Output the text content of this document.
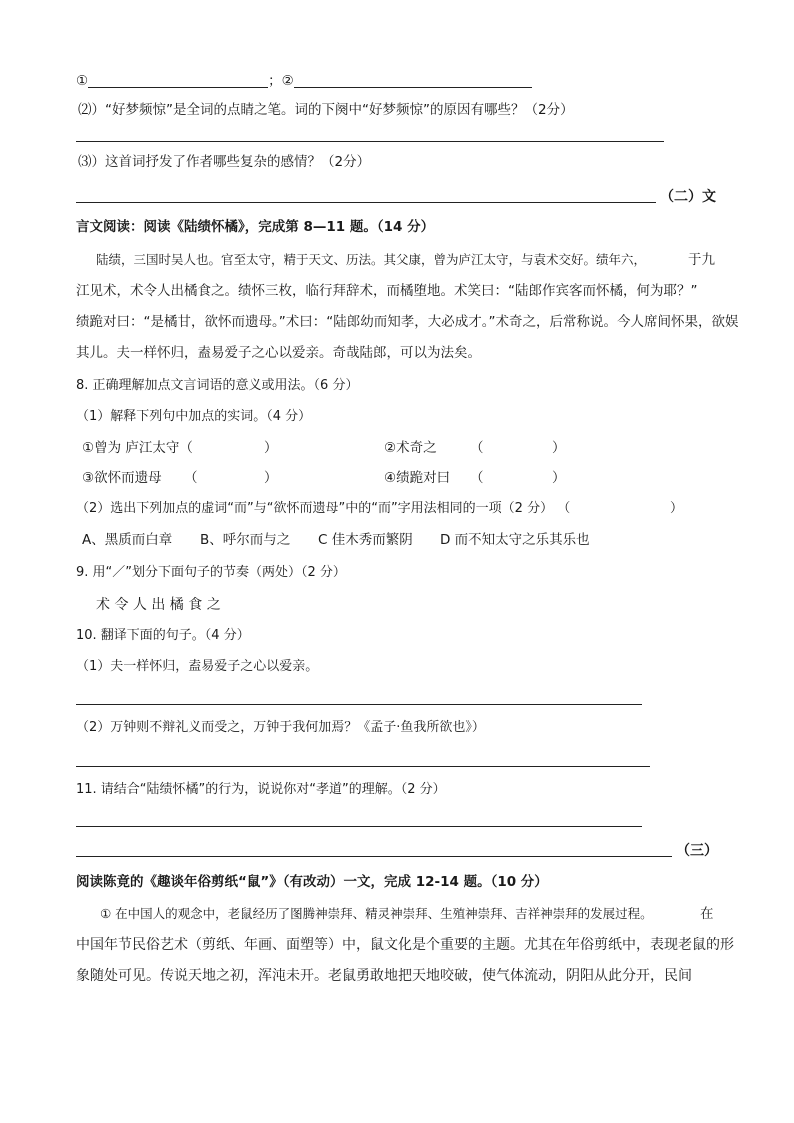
①	；②
⑵）“好梦频惊”是全词的点睛之笔。词的下阕中“好梦频惊”的原因有哪些？（2分）
⑶）这首词抒发了作者哪些复杂的感情？（2分）
（二）文
言文阅读：阅读《陆绩怀橘》，完成第 8—11 题。（14 分）
陆绩，三国时吴人也。官至太守，精于天文、历法。其父康，曾为庐江太守，与袁术交好。绩年六，	于九
江见术，术令人出橘食之。绩怀三枚，临行拜辞术，而橘堕地。术笑曰：“陆郎作宾客而怀橘，何为耶？”
绩跪对曰：“是橘甘，欲怀而遗母。”术曰：“陆郎幼而知孝，大必成才。”术奇之，后常称说。今人席间怀果，欲娱
其儿。夫一样怀归，盍易爱子之心以爱亲。奇哉陆郎，可以为法矣。
8. 正确理解加点文言词语的意义或用法。（6 分）
（1）解释下列句中加点的实词。（4 分）
①曾为 庐江太守（	）	②术奇之 （	）
③欲怀而遗母 （	）	④绩跪对曰 （	）
（2）选出下列加点的虚词“而”与“欲怀而遗母”中的“而”字用法相同的一项（2 分） （	）
A、黑质而白章 B、呼尔而与之 C 佳木秀而繁阴 D 而不知太守之乐其乐也
9. 用“／”划分下面句子的节奏（两处）（2 分）
术 令 人 出 橘 食 之
10. 翻译下面的句子。（4 分）
（1）夫一样怀归，盍易爱子之心以爱亲。
（2）万钟则不辩礼义而受之，万钟于我何加焉？《孟子·鱼我所欲也》）
11. 请结合“陆绩怀橘”的行为，说说你对“孝道”的理解。（2 分）
（三）
阅读陈竟的《趣谈年俗剪纸“鼠”》（有改动）一文，完成 12-14 题。（10 分）
① 在中国人的观念中，老鼠经历了图腾神崇拜、精灵神崇拜、生殖神崇拜、吉祥神崇拜的发展过程。	在
中国年节民俗艺术（剪纸、年画、面塑等）中，鼠文化是个重要的主题。尤其在年俗剪纸中，表现老鼠的形
象随处可见。传说天地之初，浑沌未开。老鼠勇敢地把天地咬破，使气体流动，阴阳从此分开，民间
